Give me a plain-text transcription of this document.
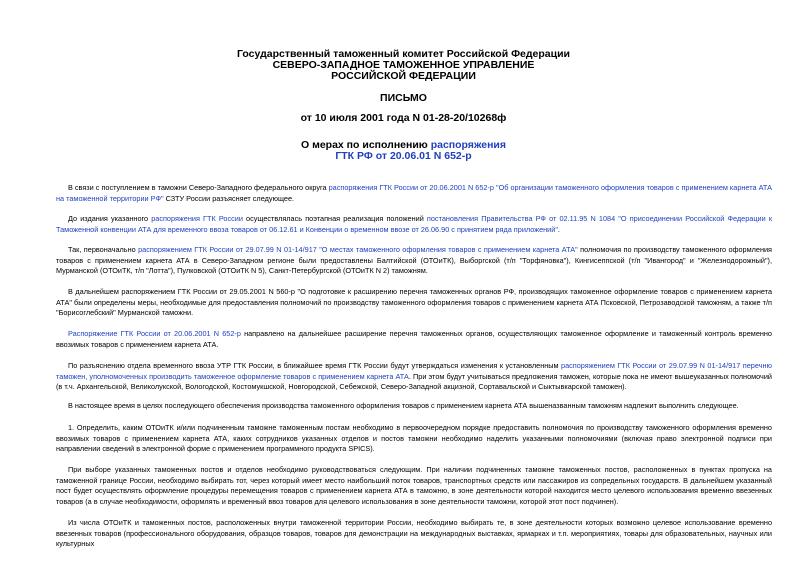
Государственный таможенный комитет Российской Федерации
СЕВЕРО-ЗАПАДНОЕ ТАМОЖЕННОЕ УПРАВЛЕНИЕ
РОССИЙСКОЙ ФЕДЕРАЦИИ
ПИСЬМО
от 10 июля 2001 года N 01-28-20/10268ф
О мерах по исполнению распоряжения
ГТК РФ от 20.06.01 N 652-р
В связи с поступлением в таможни Северо-Западного федерального округа распоряжения ГТК России от 20.06.2001 N 652-р "Об организации таможенного оформления товаров с применением карнета АТА на таможенной территории РФ" СЗТУ России разъясняет следующее.
До издания указанного распоряжения ГТК России осуществлялась поэтапная реализация положений постановления Правительства РФ от 02.11.95 N 1084 "О присоединении Российской Федерации к Таможенной конвенции АТА для временного ввоза товаров от 06.12.61 и Конвенции о временном ввозе от 26.06.90 с принятием ряда приложений".
Так, первоначально распоряжением ГТК России от 29.07.99 N 01-14/917 "О местах таможенного оформления товаров с применением карнета АТА" полномочия по производству таможенного оформления товаров с применением карнета АТА в Северо-Западном регионе были предоставлены Балтийской (ОТОиТК), Выборгской (т/п "Торфяновка"), Кингисеппской (т/п "Ивангород" и "Железнодорожный"), Мурманской (ОТОиТК, т/п "Лотта"), Пулковской (ОТОиТК N 5), Санкт-Петербургской (ОТОиТК N 2) таможням.
В дальнейшем распоряжением ГТК России от 29.05.2001 N 560-р "О подготовке к расширению перечня таможенных органов РФ, производящих таможенное оформление товаров с применением карнета АТА" были определены меры, необходимые для предоставления полномочий по производству таможенного оформления товаров с применением карнета АТА Псковской, Петрозаводской таможням, а также т/п "Борисоглебский" Мурманской таможни.
Распоряжение ГТК России от 20.06.2001 N 652-р направлено на дальнейшее расширение перечня таможенных органов, осуществляющих таможенное оформление и таможенный контроль временно ввозимых товаров с применением карнета АТА.
По разъяснению отдела временного ввоза УТР ГТК России, в ближайшее время ГТК России будут утверждаться изменения к установленным распоряжением ГТК России от 29.07.99 N 01-14/917 перечню таможен, уполномоченных производить таможенное оформление товаров с применением карнета АТА. При этом будут учитываться предложения таможен, которые пока не имеют вышеуказанных полномочий (в т.ч. Архангельской, Великолукской, Вологодской, Костомукшской, Новгородской, Себежской, Северо-Западной акцизной, Сортавальской и Сыктывкарской таможен).
В настоящее время в целях последующего обеспечения производства таможенного оформления товаров с применением карнета АТА вышеназванным таможням надлежит выполнить следующее.
1. Определить, каким ОТОиТК и/или подчиненным таможне таможенным постам необходимо в первоочередном порядке предоставить полномочия по производству таможенного оформления временно ввозимых товаров с применением карнета АТА, каких сотрудников указанных отделов и постов таможни необходимо наделить указанными полномочиями (включая право электронной подписи при направлении сведений в электронной форме с применением программного продукта SPICS).
При выборе указанных таможенных постов и отделов необходимо руководствоваться следующим. При наличии подчиненных таможне таможенных постов, расположенных в пунктах пропуска на таможенной границе России, необходимо выбирать тот, через который имеет место наибольший поток товаров, транспортных средств или пассажиров из сопредельных государств. В дальнейшем указанный пост будет осуществлять оформление процедуры перемещения товаров с применением карнета АТА в таможню, в зоне деятельности которой находится место целевого использования временно ввезенных товаров (а в случае необходимости, оформлять и временный ввоз товаров для целевого использования в зоне деятельности таможни, которой этот пост подчинен).
Из числа ОТОиТК и таможенных постов, расположенных внутри таможенной территории России, необходимо выбирать те, в зоне деятельности которых возможно целевое использование временно ввезенных товаров (профессионального оборудования, образцов товаров, товаров для демонстрации на международных выставках, ярмарках и т.п. мероприятиях, товары для образовательных, научных или культурных
